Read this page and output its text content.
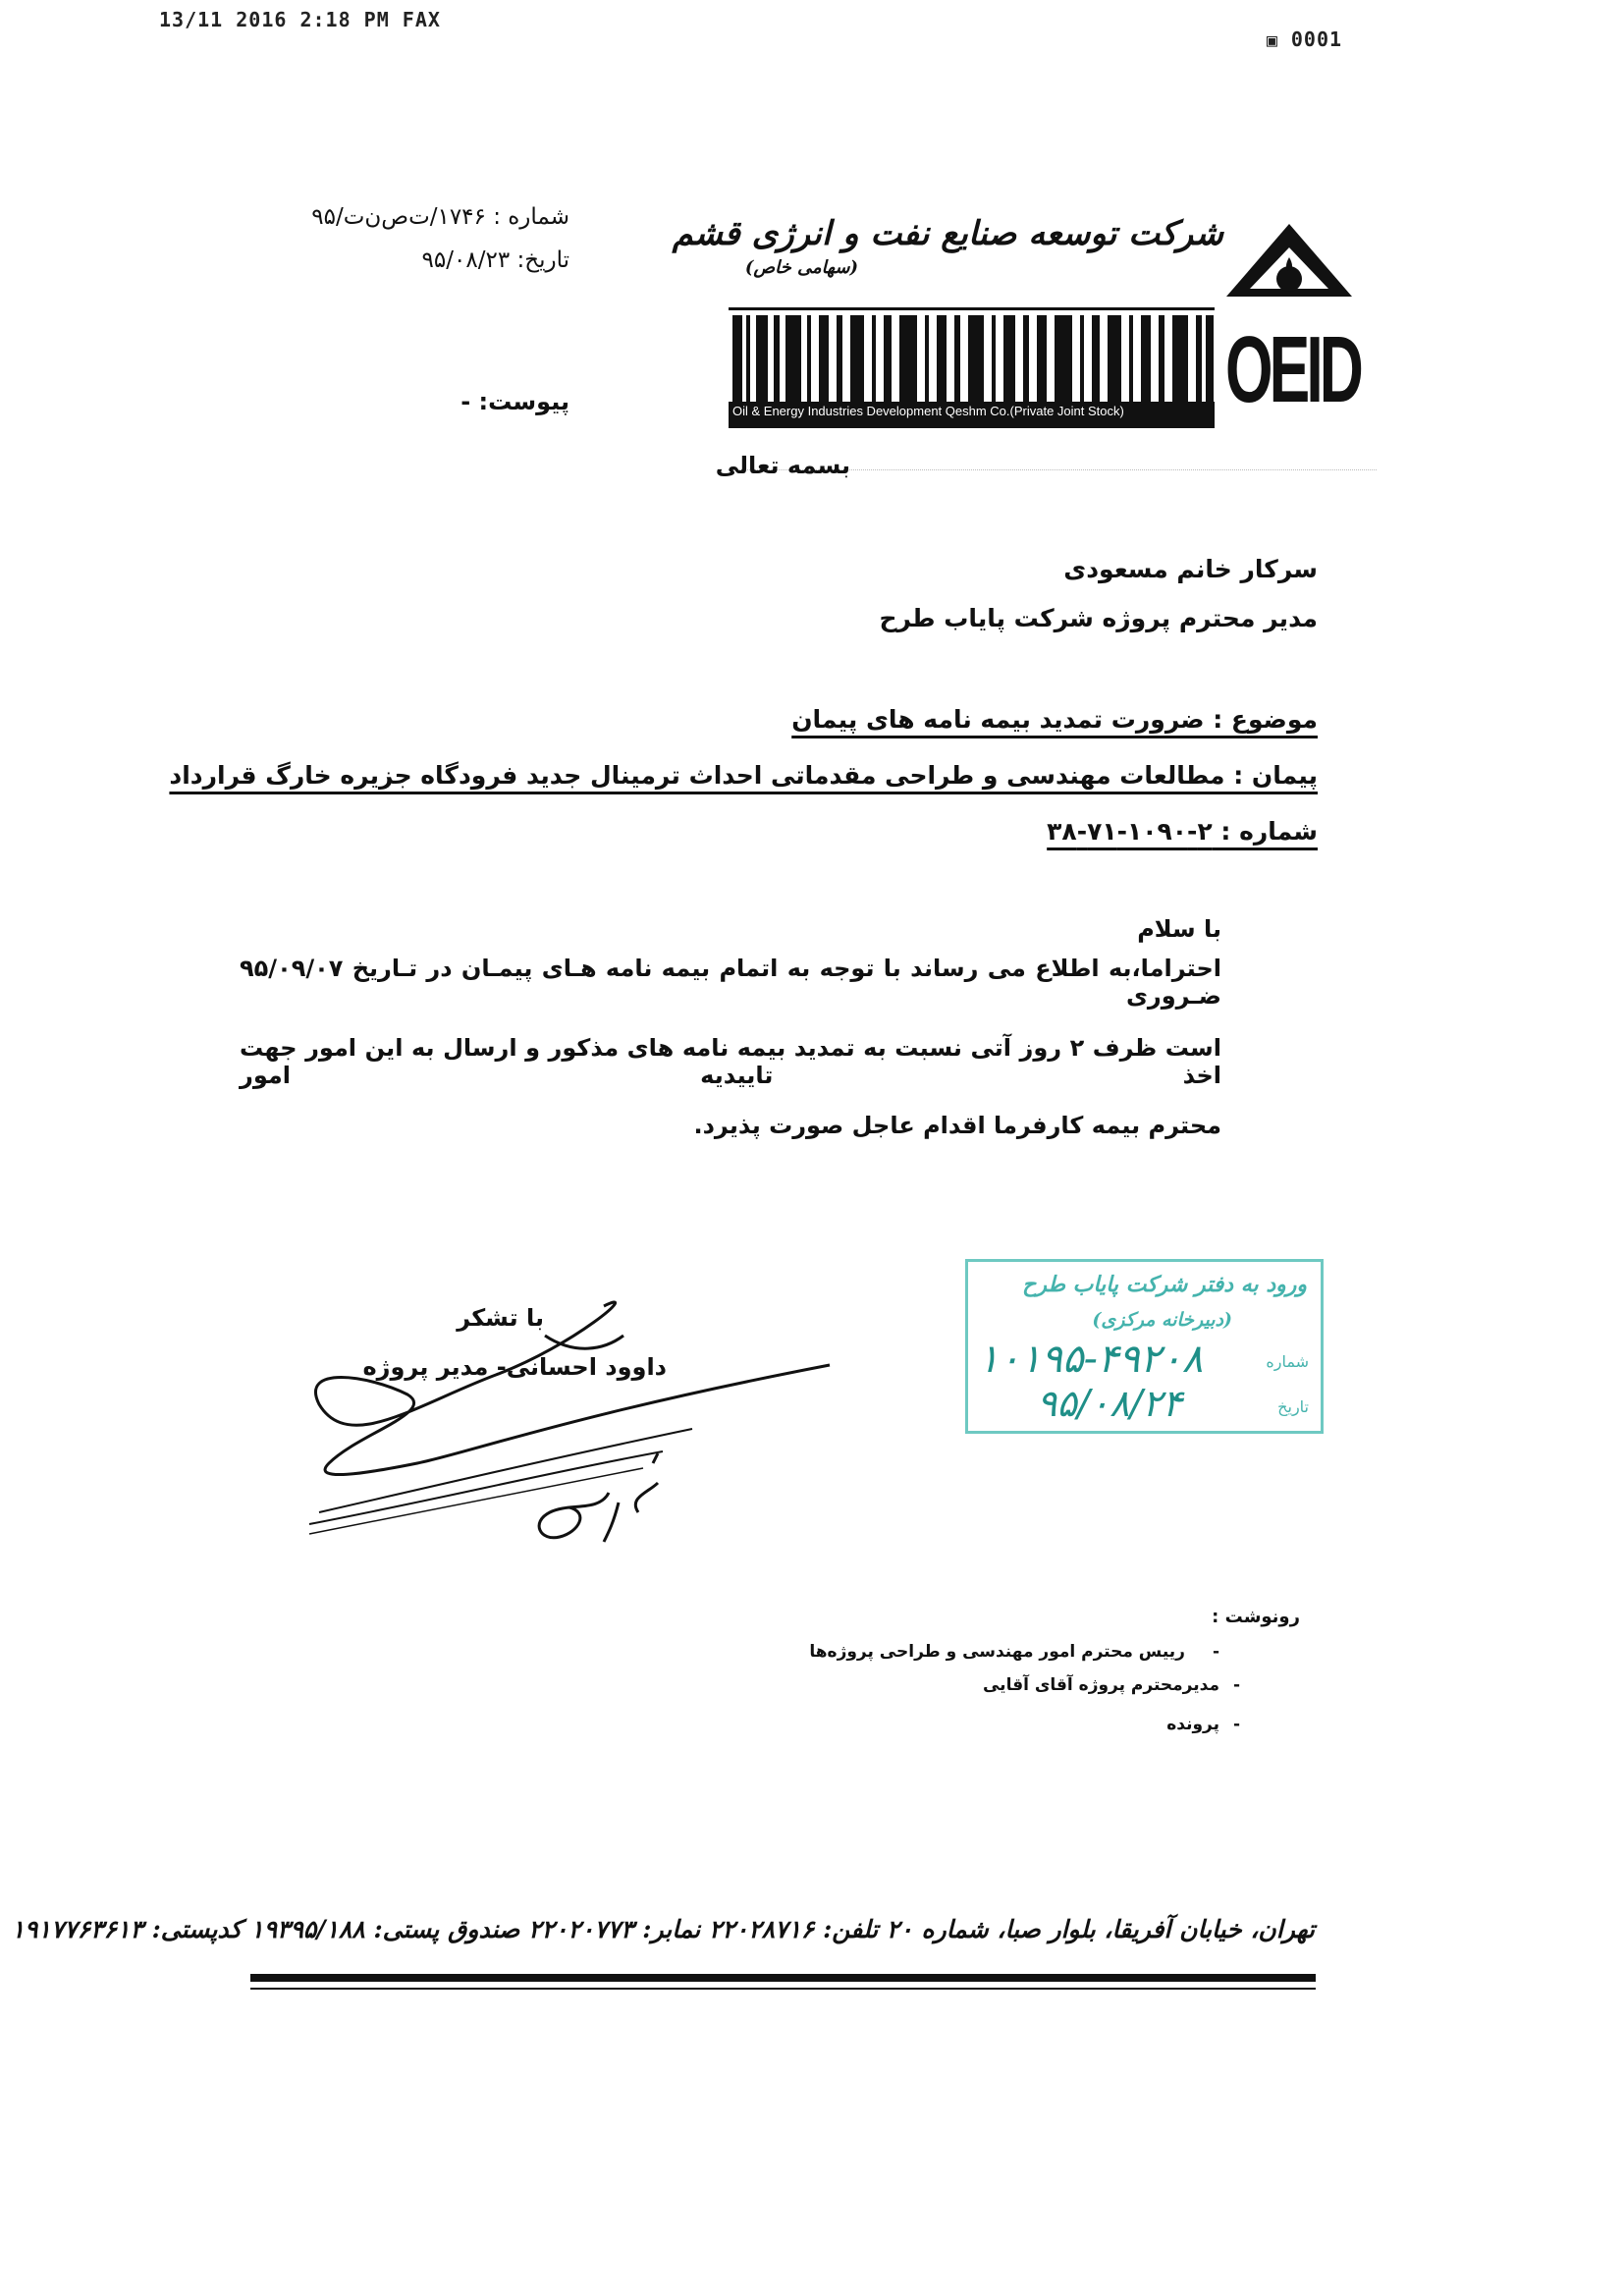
13/11 2016 2:18 PM FAX
▣ 0001
OEID
شرکت توسعه صنایع نفت و انرژی قشم
(سهامی خاص)
Oil & Energy Industries Development Qeshm Co.(Private Joint Stock)
شماره : ۱۷۴۶/ت‌ص‌ن‌ت/۹۵
تاریخ: ۹۵/۰۸/۲۳
پیوست: -
بسمه تعالی
سرکار خانم مسعودی
مدیر محترم پروژه شرکت پایاب طرح
موضوع : ضرورت تمدید بیمه نامه های پیمان
پیمان : مطالعات مهندسی و طراحی مقدماتی احداث ترمینال جدید فرودگاه جزیره خارگ قرارداد
شماره : ۲-۱۰۹۰-۷۱-۳۸
با سلام
احتراما،به اطلاع می رساند با توجه به اتمام بیمه نامه هـای پیمـان در تـاریخ ۹۵/۰۹/۰۷ ضـروری
است ظرف ۲ روز آتی نسبت به تمدید بیمه نامه های مذکور و ارسال به این امور جهت اخذ تاییدیه امور
محترم بیمه کارفرما اقدام عاجل صورت پذیرد.
با تشکر
داوود احسانی- مدیر پروژه
ورود به دفتر شرکت پایاب طرح
(دبیرخانه مرکزی)
شماره
۱۰۱۹۵-۴۹۲۰۸
تاریخ
۹۵/۰۸/۲۴
رونوشت :
-رییس محترم امور مهندسی و طراحی پروژه‌ها
مدیرمحترم پروژه آقای آقایی
پرونده
-
-
تهران، خیابان آفریقا، بلوار صبا، شماره ۲۰ تلفن: ۲۲۰۲۸۷۱۶ نمابر: ۲۲۰۲۰۷۷۳ صندوق پستی: ۱۹۳۹۵/۱۸۸ کدپستی: ۱۹۱۷۷۶۳۶۱۳
